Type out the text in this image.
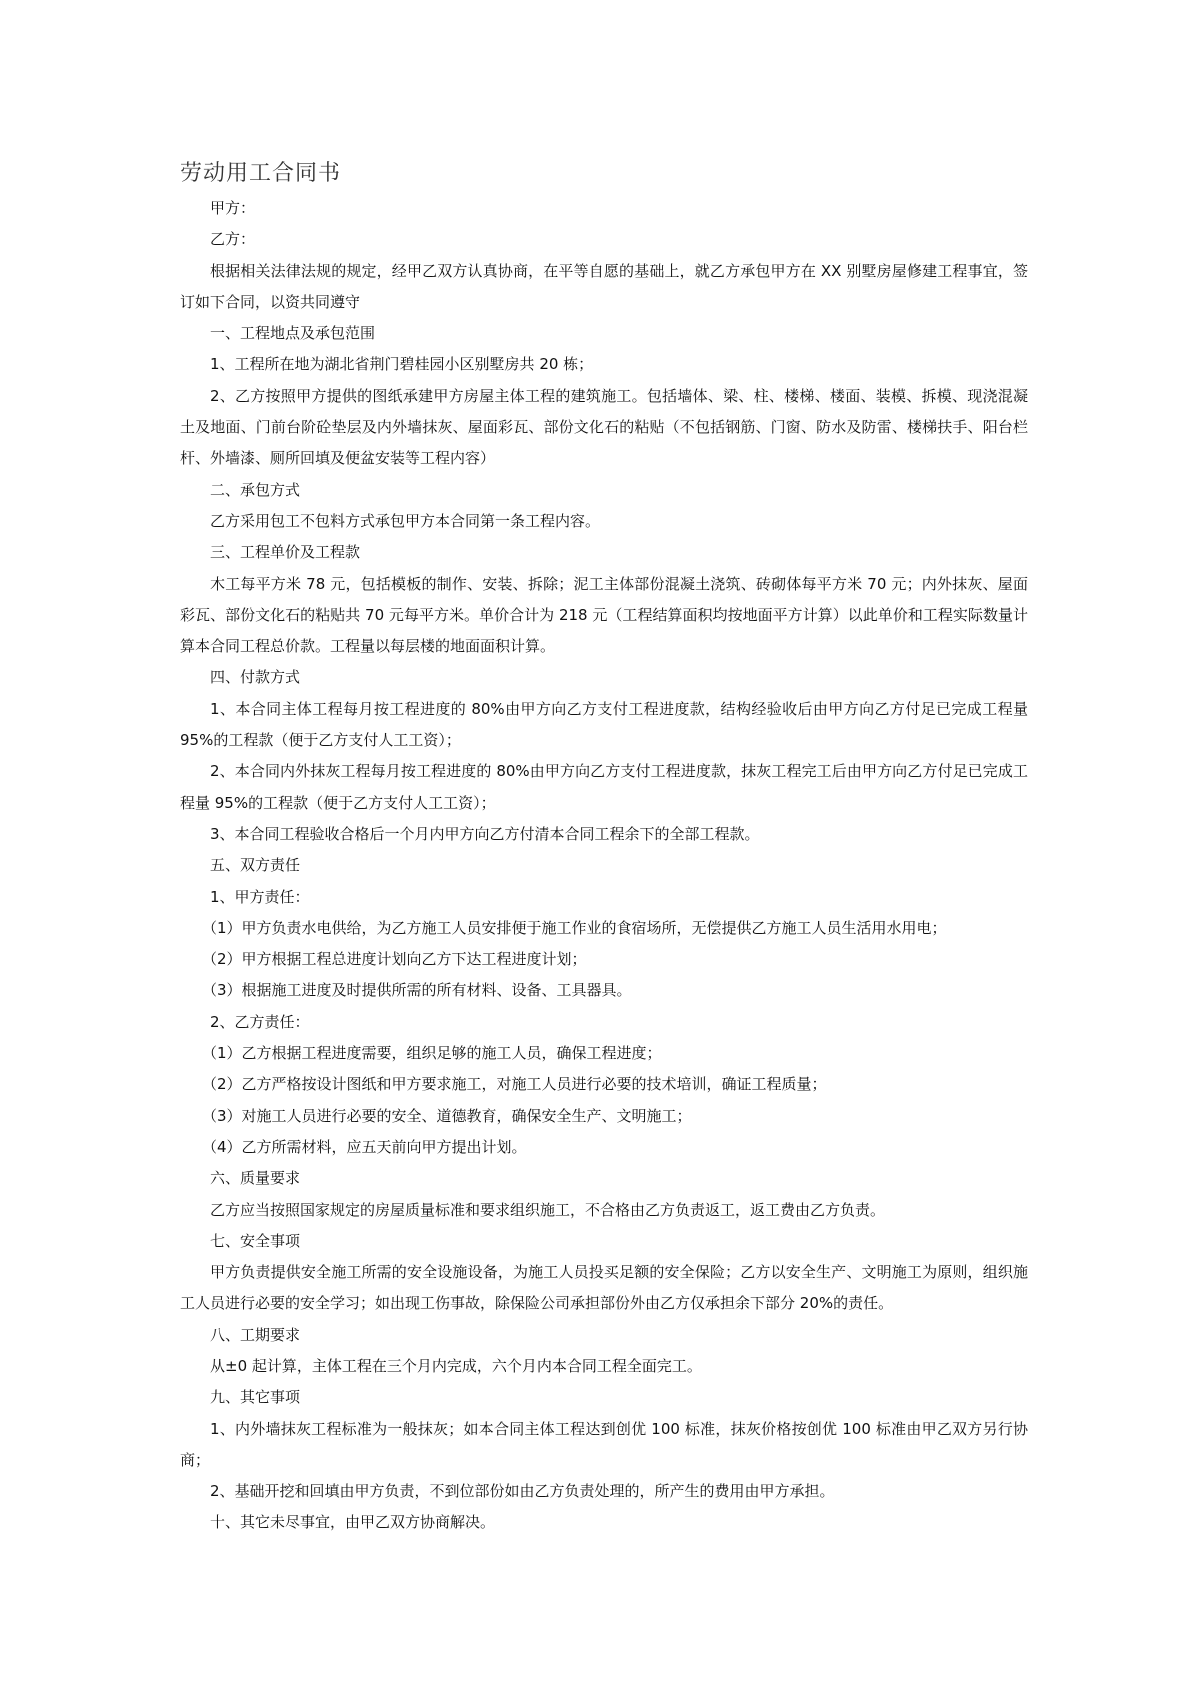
劳动用工合同书

甲方：

乙方：

根据相关法律法规的规定，经甲乙双方认真协商，在平等自愿的基础上，就乙方承包甲方在 XX 别墅房屋修建工程事宜，签订如下合同，以资共同遵守

一、工程地点及承包范围

1、工程所在地为湖北省荆门碧桂园小区别墅房共 20 栋；

2、乙方按照甲方提供的图纸承建甲方房屋主体工程的建筑施工。包括墙体、梁、柱、楼梯、楼面、装模、拆模、现浇混凝土及地面、门前台阶砼垫层及内外墙抹灰、屋面彩瓦、部份文化石的粘贴（不包括钢筋、门窗、防水及防雷、楼梯扶手、阳台栏杆、外墙漆、厕所回填及便盆安装等工程内容）

二、承包方式

乙方采用包工不包料方式承包甲方本合同第一条工程内容。

三、工程单价及工程款

木工每平方米 78 元，包括模板的制作、安装、拆除；泥工主体部份混凝土浇筑、砖砌体每平方米 70 元；内外抹灰、屋面彩瓦、部份文化石的粘贴共 70 元每平方米。单价合计为 218 元（工程结算面积均按地面平方计算）以此单价和工程实际数量计算本合同工程总价款。工程量以每层楼的地面面积计算。

四、付款方式

1、本合同主体工程每月按工程进度的 80%由甲方向乙方支付工程进度款，结构经验收后由甲方向乙方付足已完成工程量 95%的工程款（便于乙方支付人工工资）；

2、本合同内外抹灰工程每月按工程进度的 80%由甲方向乙方支付工程进度款，抹灰工程完工后由甲方向乙方付足已完成工程量 95%的工程款（便于乙方支付人工工资）；

3、本合同工程验收合格后一个月内甲方向乙方付清本合同工程余下的全部工程款。

五、双方责任

1、甲方责任：

（1）甲方负责水电供给，为乙方施工人员安排便于施工作业的食宿场所，无偿提供乙方施工人员生活用水用电；

（2）甲方根据工程总进度计划向乙方下达工程进度计划；

（3）根据施工进度及时提供所需的所有材料、设备、工具器具。

2、乙方责任：

（1）乙方根据工程进度需要，组织足够的施工人员，确保工程进度；

（2）乙方严格按设计图纸和甲方要求施工，对施工人员进行必要的技术培训，确证工程质量；

（3）对施工人员进行必要的安全、道德教育，确保安全生产、文明施工；

（4）乙方所需材料，应五天前向甲方提出计划。

六、质量要求

乙方应当按照国家规定的房屋质量标准和要求组织施工，不合格由乙方负责返工，返工费由乙方负责。

七、安全事项

甲方负责提供安全施工所需的安全设施设备，为施工人员投买足额的安全保险；乙方以安全生产、文明施工为原则，组织施工人员进行必要的安全学习；如出现工伤事故，除保险公司承担部份外由乙方仅承担余下部分 20%的责任。

八、工期要求

从±0 起计算，主体工程在三个月内完成，六个月内本合同工程全面完工。

九、其它事项

1、内外墙抹灰工程标准为一般抹灰；如本合同主体工程达到创优 100 标准，抹灰价格按创优 100 标准由甲乙双方另行协商；

2、基础开挖和回填由甲方负责，不到位部份如由乙方负责处理的，所产生的费用由甲方承担。

十、其它未尽事宜，由甲乙双方协商解决。
